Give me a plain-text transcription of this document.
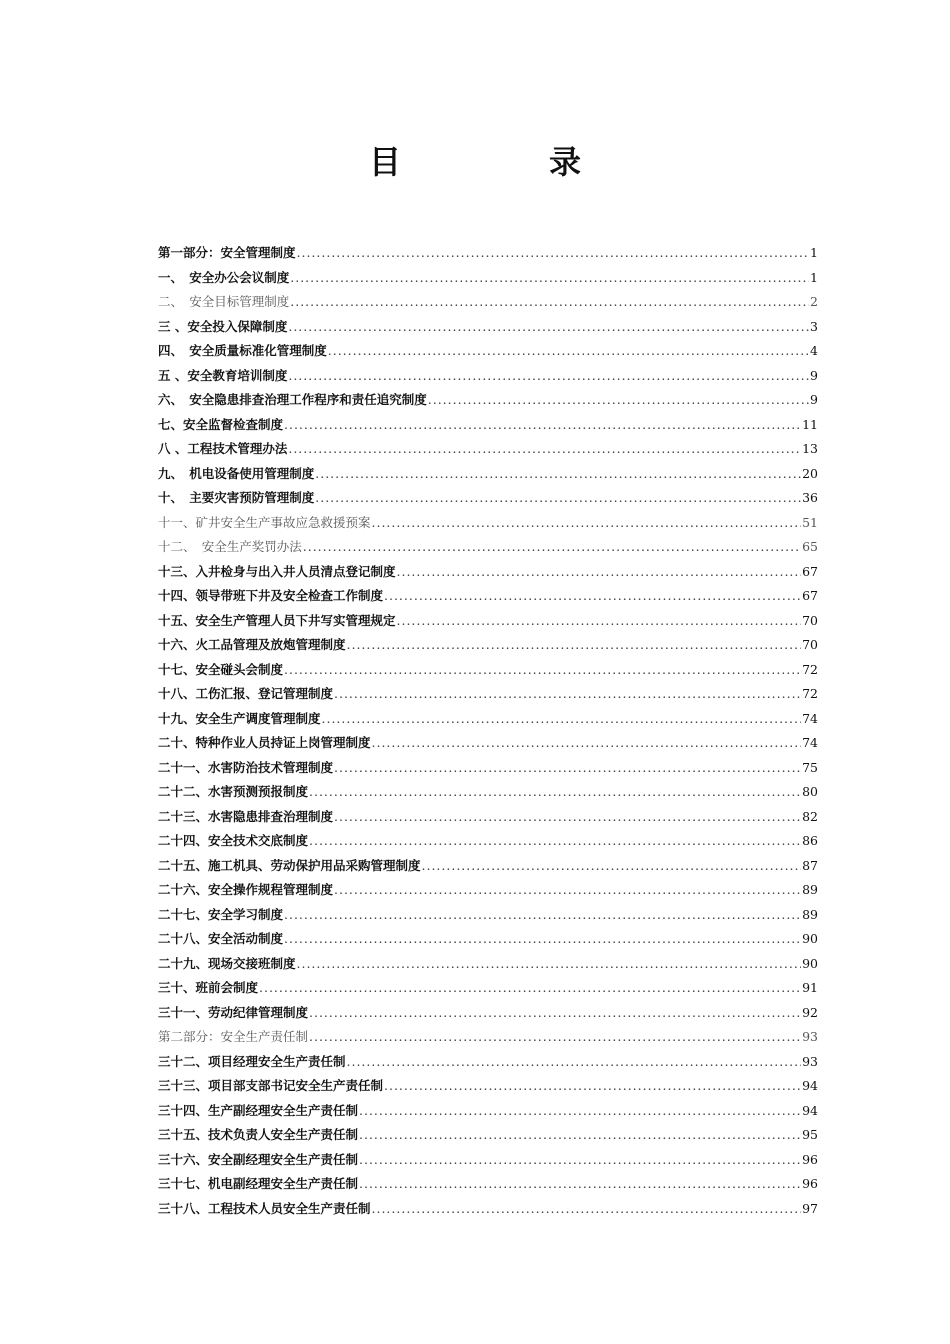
目　录
第一部分：安全管理制度 .....	1
一、　安全办公会议制度 .....	1
二、　安全目标管理制度 .....	2
三 、安全投入保障制度 .....	3
四、　安全质量标准化管理制度 .....	4
五 、安全教育培训制度 .....	9
六、　安全隐患排查治理工作程序和责任追究制度 .....	9
七、安全监督检查制度 .....	11
八 、工程技术管理办法 .....	13
九、　机电设备使用管理制度 .....	20
十、　主要灾害预防管理制度 .....	36
十一、矿井安全生产事故应急救援预案 .....	51
十二、　安全生产奖罚办法 .....	65
十三、入井检身与出入井人员清点登记制度 .....	67
十四、领导带班下井及安全检查工作制度 .....	67
十五、安全生产管理人员下井写实管理规定 .....	70
十六、火工品管理及放炮管理制度 .....	70
十七、安全碰头会制度 .....	72
十八、工伤汇报、登记管理制度 .....	72
十九、安全生产调度管理制度 .....	74
二十、特种作业人员持证上岗管理制度 .....	74
二十一、水害防治技术管理制度 .....	75
二十二、水害预测预报制度 .....	80
二十三、水害隐患排查治理制度 .....	82
二十四、安全技术交底制度 .....	86
二十五、施工机具、劳动保护用品采购管理制度 .....	87
二十六、安全操作规程管理制度 .....	89
二十七、安全学习制度 .....	89
二十八、安全活动制度 .....	90
二十九、现场交接班制度 .....	90
三十、班前会制度 .....	91
三十一、劳动纪律管理制度 .....	92
第二部分：安全生产责任制 .....	93
三十二、项目经理安全生产责任制 .....	93
三十三、项目部支部书记安全生产责任制 .....	94
三十四、生产副经理安全生产责任制 .....	94
三十五、技术负责人安全生产责任制 .....	95
三十六、安全副经理安全生产责任制 .....	96
三十七、机电副经理安全生产责任制 .....	96
三十八、工程技术人员安全生产责任制 .....	97
